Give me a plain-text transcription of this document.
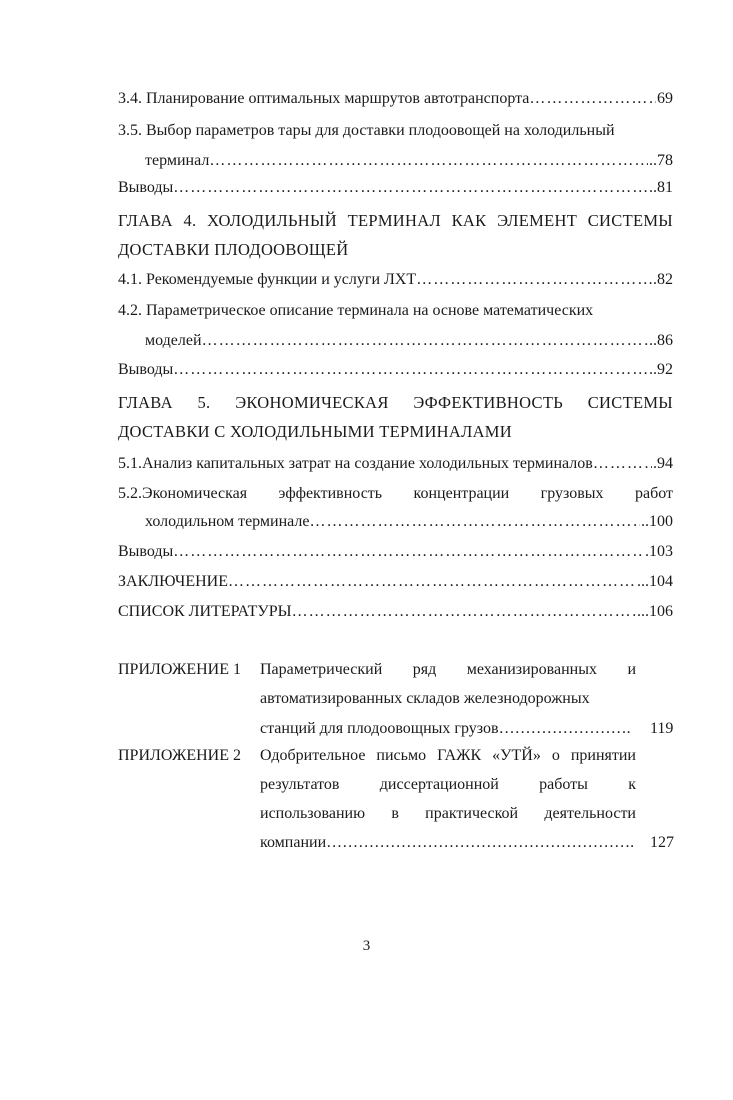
3.4. Планирование оптимальных маршрутов автотранспорта ………………………………………………………………………………………………………………………………	69
3.5. Выбор параметров тары для доставки плодоовощей на холодильный
терминал ………………………………………………………………………………………………………………………………	..78
Выводы ………………………………………………………………………………………………………………………………	..81
ГЛАВА 4. ХОЛОДИЛЬНЫЙ ТЕРМИНАЛ КАК ЭЛЕМЕНТ СИСТЕМЫ
ДОСТАВКИ ПЛОДООВОЩЕЙ
4.1. Рекомендуемые функции и услуги ЛХТ ………………………………………………………………………………………………………………………………	.82
4.2. Параметрическое описание терминала на основе математических
моделей ………………………………………………………………………………………………………………………………	..86
Выводы ………………………………………………………………………………………………………………………………	..92
ГЛАВА 5. ЭКОНОМИЧЕСКАЯ ЭФФЕКТИВНОСТЬ СИСТЕМЫ
ДОСТАВКИ С ХОЛОДИЛЬНЫМИ ТЕРМИНАЛАМИ
5.1.Анализ капитальных затрат на создание холодильных терминалов ………………………………………………………………………………………………………………………………	.94
5.2.Экономическая эффективность концентрации грузовых работ
холодильном терминале ………………………………………………………………………………………………………………………………	..100
Выводы ………………………………………………………………………………………………………………………………	.103
ЗАКЛЮЧЕНИЕ ………………………………………………………………………………………………………………………………	...104
СПИСОК ЛИТЕРАТУРЫ ………………………………………………………………………………………………………………………………	...106
ПРИЛОЖЕНИЕ 1 Параметрический ряд механизированных и
автоматизированных складов железнодорожных
станций для плодоовощных грузов…………………….	119
ПРИЛОЖЕНИЕ 2 Одобрительное письмо ГАЖК «УТЙ» о принятии
результатов диссертационной работы к
использованию в практической деятельности
компании…………………………………………………. 127
3
